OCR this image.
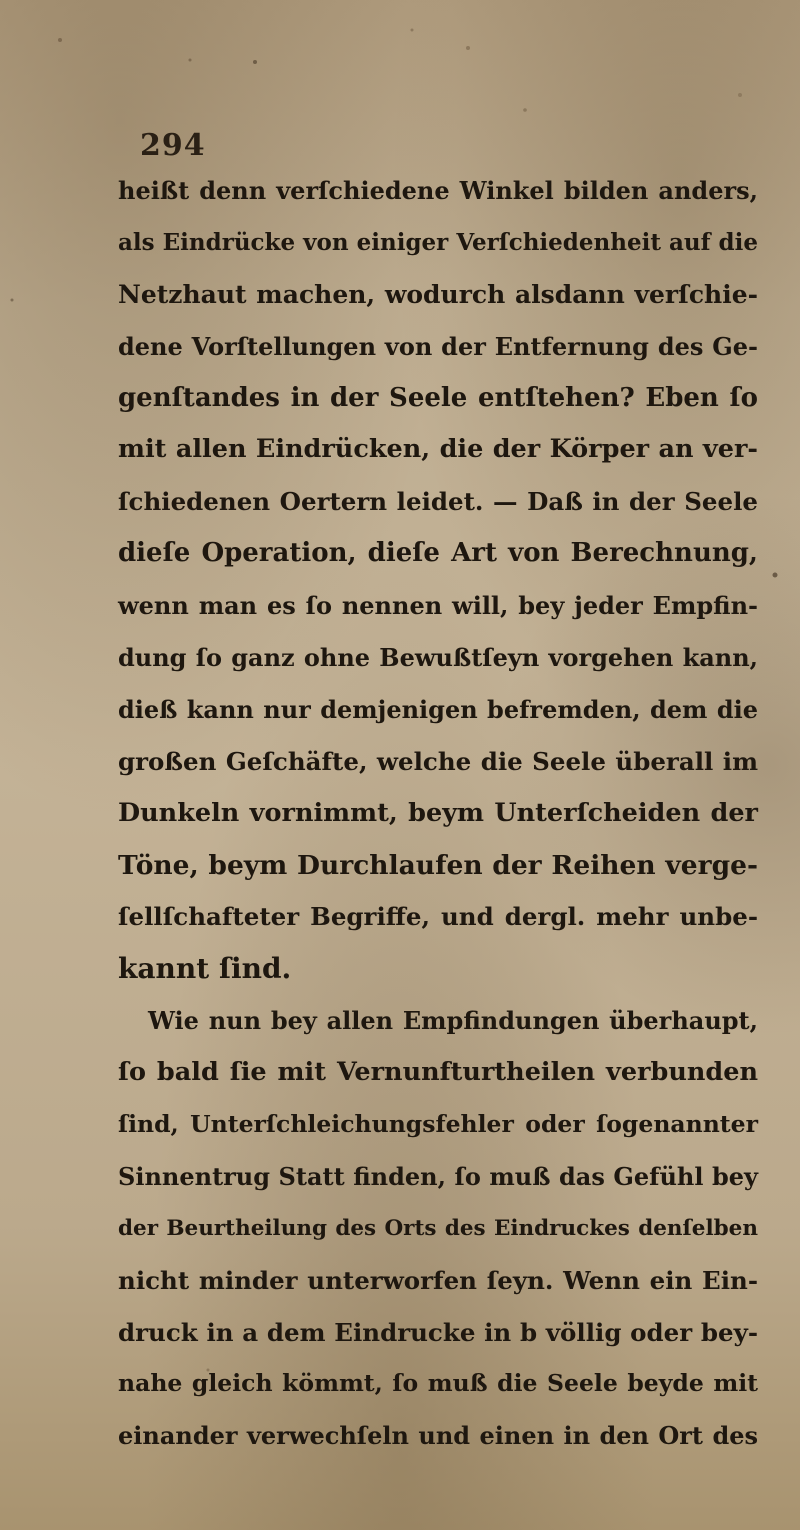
294
heißt denn verſchiedene Winkel bilden anders,
als Eindrücke von einiger Verſchiedenheit auf die
Netzhaut machen, wodurch alsdann verſchie-
dene Vorſtellungen von der Entfernung des Ge-
genſtandes in der Seele entſtehen? Eben ſo
mit allen Eindrücken, die der Körper an ver-
ſchiedenen Oertern leidet. — Daß in der Seele
dieſe Operation, dieſe Art von Berechnung,
wenn man es ſo nennen will, bey jeder Empfin-
dung ſo ganz ohne Bewußtſeyn vorgehen kann,
dieß kann nur demjenigen befremden, dem die
großen Geſchäfte, welche die Seele überall im
Dunkeln vornimmt, beym Unterſcheiden der
Töne, beym Durchlaufen der Reihen verge-
ſellſchafteter Begriffe, und dergl. mehr unbe-
kannt ſind.
Wie nun bey allen Empfindungen überhaupt,
ſo bald ſie mit Vernunfturtheilen verbunden
ſind, Unterſchleichungsfehler oder ſogenannter
Sinnentrug Statt finden, ſo muß das Gefühl bey
der Beurtheilung des Orts des Eindruckes denſelben
nicht minder unterworfen ſeyn. Wenn ein Ein-
druck in a dem Eindrucke in b völlig oder bey-
nahe gleich kömmt, ſo muß die Seele beyde mit
einander verwechſeln und einen in den Ort des
